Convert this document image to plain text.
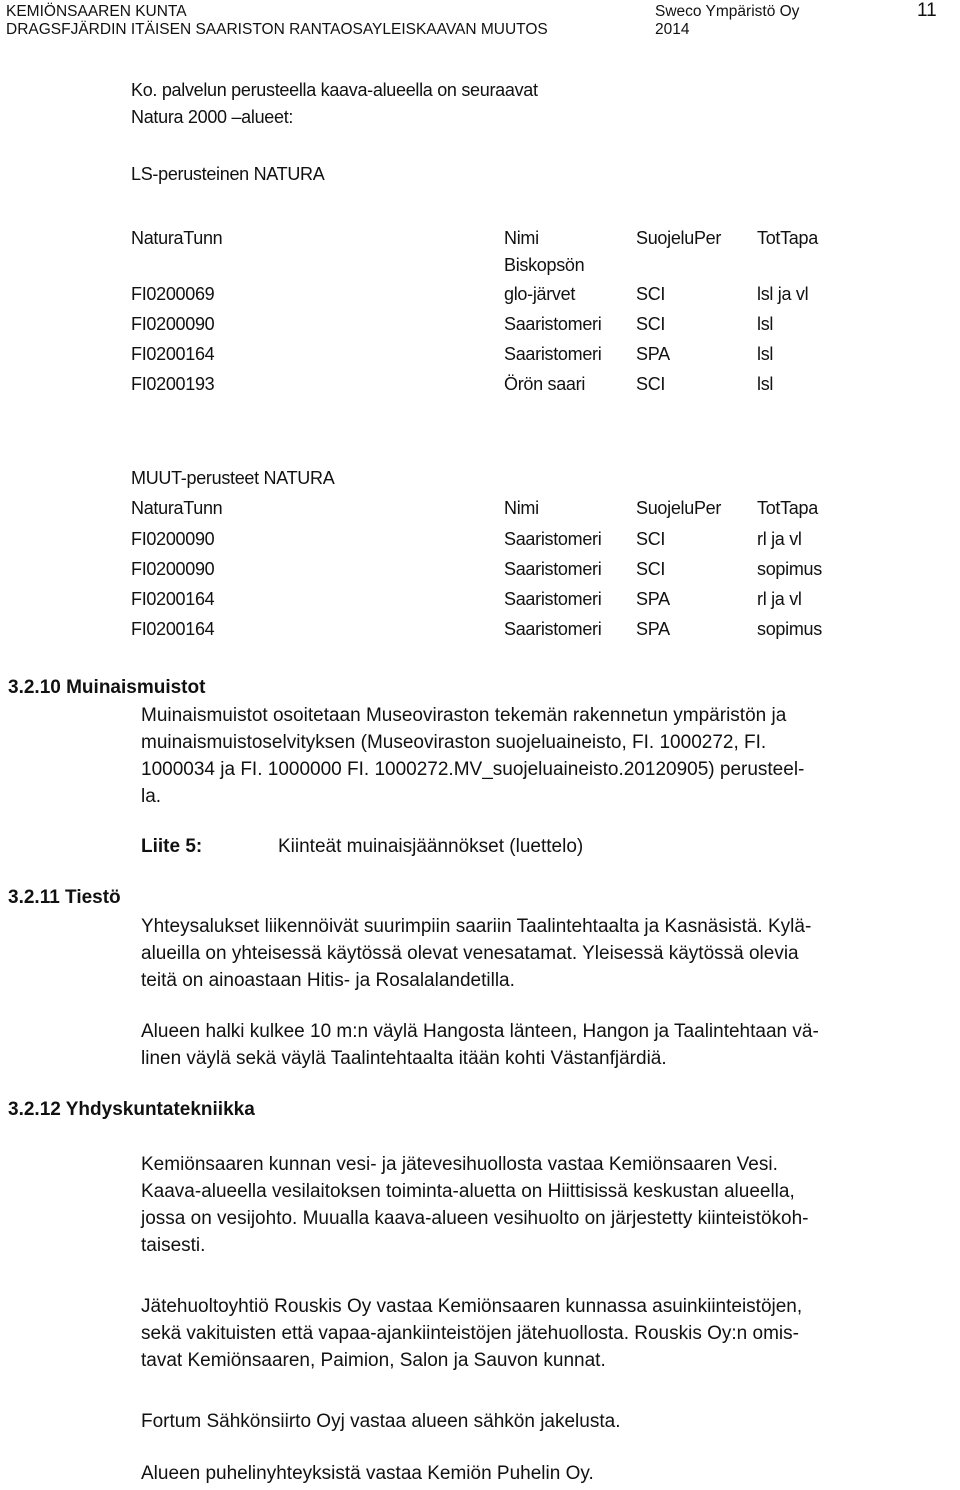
KEMIÖNSAAREN KUNTA
DRAGSFJÄRDIN ITÄISEN SAARISTON RANTAOSAYLEISKAAVAN MUUTOS
Sweco Ympäristö Oy
2014
11
Ko. palvelun perusteella kaava-alueella on seuraavat
Natura 2000 –alueet:
LS-perusteinen NATURA
NaturaTunn	Nimi	SuojeluPer TotTapa
Biskopsön
FI0200069	glo-järvet	SCI	lsl ja vl
FI0200090	Saaristomeri SCI	lsl
FI0200164	Saaristomeri SPA	lsl
FI0200193	Örön saari	SCI	lsl
MUUT-perusteet NATURA
NaturaTunn	Nimi	SuojeluPer TotTapa
FI0200090	Saaristomeri SCI	rl ja vl
FI0200090	Saaristomeri SCI	sopimus
FI0200164	Saaristomeri SPA	rl ja vl
FI0200164	Saaristomeri SPA	sopimus
3.2.10 Muinaismuistot
Muinaismuistot osoitetaan Museoviraston tekemän rakennetun ympäristön ja
muinaismuistoselvityksen (Museoviraston suojeluaineisto, FI. 1000272, FI.
1000034 ja FI. 1000000 FI. 1000272.MV_suojeluaineisto.20120905) perusteel-
la.
Liite 5:	Kiinteät muinaisjäännökset (luettelo)
3.2.11 Tiestö
Yhteysalukset liikennöivät suurimpiin saariin Taalintehtaalta ja Kasnäsistä. Kylä-
alueilla on yhteisessä käytössä olevat venesatamat. Yleisessä käytössä olevia
teitä on ainoastaan Hitis- ja Rosalalandetilla.
Alueen halki kulkee 10 m:n väylä Hangosta länteen, Hangon ja Taalintehtaan vä-
linen väylä sekä väylä Taalintehtaalta itään kohti Västanfjärdiä.
3.2.12 Yhdyskuntatekniikka
Kemiönsaaren kunnan vesi- ja jätevesihuollosta vastaa Kemiönsaaren Vesi.
Kaava-alueella vesilaitoksen toiminta-aluetta on Hiittisissä keskustan alueella,
jossa on vesijohto. Muualla kaava-alueen vesihuolto on järjestetty kiinteistökoh-
taisesti.
Jätehuoltoyhtiö Rouskis Oy vastaa Kemiönsaaren kunnassa asuinkiinteistöjen,
sekä vakituisten että vapaa-ajankiinteistöjen jätehuollosta. Rouskis Oy:n omis-
tavat Kemiönsaaren, Paimion, Salon ja Sauvon kunnat.
Fortum Sähkönsiirto Oyj vastaa alueen sähkön jakelusta.
Alueen puhelinyhteyksistä vastaa Kemiön Puhelin Oy.
